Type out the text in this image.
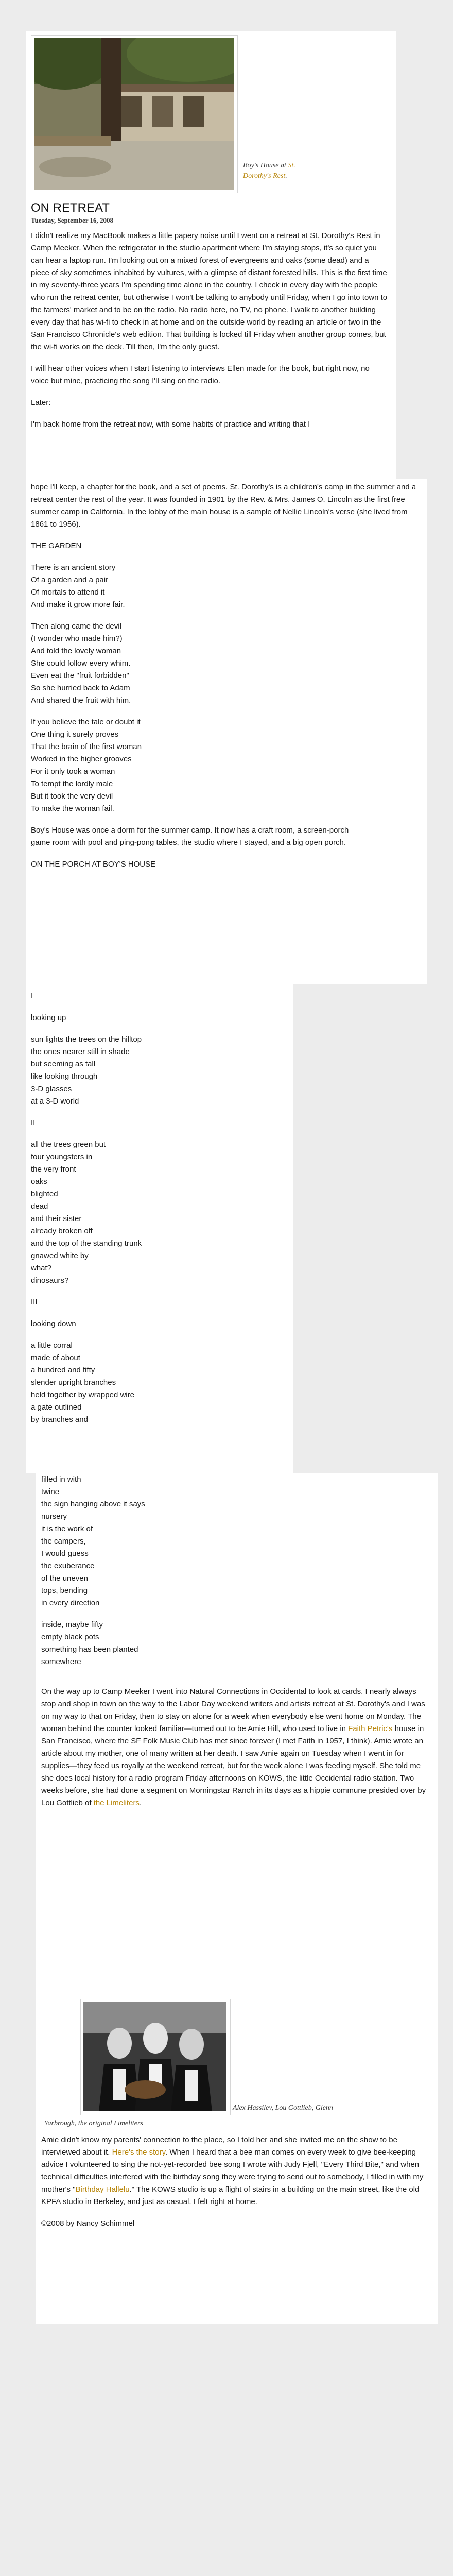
Boy's House at St. Dorothy's Rest.
ON RETREAT
Tuesday, September 16, 2008

I didn't realize my MacBook makes a little papery noise until I went on a retreat at St. Dorothy's Rest in Camp Meeker. When the refrigerator in the studio apartment where I'm staying stops, it's so quiet you can hear a laptop run. I'm looking out on a mixed forest of evergreens and oaks (some dead) and a piece of sky sometimes inhabited by vultures, with a glimpse of distant forested hills. This is the first time in my seventy-three years I'm spending time alone in the country. I check in every day with the people who run the retreat center, but otherwise I won't be talking to anybody until Friday, when I go into town to the farmers' market and to be on the radio. No radio here, no TV, no phone. I walk to another building every day that has wi-fi to check in at home and on the outside world by reading an article or two in the San Francisco Chronicle's web edition. That building is locked till Friday when another group comes, but the wi-fi works on the deck. Till then, I'm the only guest.

I will hear other voices when I start listening to interviews Ellen made for the book, but right now, no voice but mine, practicing the song I'll sing on the radio.

Later:

I'm back home from the retreat now, with some habits of practice and writing that I

hope I'll keep, a chapter for the book, and a set of poems. St. Dorothy's is a children's camp in the summer and a retreat center the rest of the year. It was founded in 1901 by the Rev. & Mrs. James O. Lincoln as the first free summer camp in California. In the lobby of the main house is a sample of Nellie Lincoln's verse (she lived from 1861 to 1956).

THE GARDEN

There is an ancient story
Of a garden and a pair
Of mortals to attend it
And make it grow more fair.
Then along came the devil
(I wonder who made him?)
And told the lovely woman
She could follow every whim.
Even eat the "fruit forbidden"
So she hurried back to Adam
And shared the fruit with him.
If you believe the tale or doubt it
One thing it surely proves
That the brain of the first woman
Worked in the higher grooves
For it only took a woman
To tempt the lordly male
But it took the very devil
To make the woman fail.

Boy's House was once a dorm for the summer camp. It now has a craft room, a screen-porch game room with pool and ping-pong tables, the studio where I stayed, and a big open porch.

ON THE PORCH AT BOY'S HOUSE

I
looking up
sun lights the trees on the hilltop
the ones nearer still in shade
but seeming as tall
like looking through
3-D glasses
at a 3-D world
II
all the trees green but
four youngsters in
the very front
oaks
blighted
dead
and their sister
already broken off
and the top of the standing trunk
gnawed white by
what?
dinosaurs?
III
looking down
a little corral
made of about
a hundred and fifty
slender upright branches
held together by wrapped wire
a gate outlined
by branches and
filled in with
twine
the sign hanging above it says
nursery
it is the work of
the campers,
I would guess
the exuberance
of the uneven
tops, bending
in every direction
inside, maybe fifty
empty black pots
something has been planted
somewhere

On the way up to Camp Meeker I went into Natural Connections in Occidental to look at cards. I nearly always stop and shop in town on the way to the Labor Day weekend writers and artists retreat at St. Dorothy's and I was on my way to that on Friday, then to stay on alone for a week when everybody else went home on Monday. The woman behind the counter looked familiar—turned out to be Amie Hill, who used to live in Faith Petric's house in San Francisco, where the SF Folk Music Club has met since forever (I met Faith in 1957, I think). Amie wrote an article about my mother, one of many written at her death. I saw Amie again on Tuesday when I went in for supplies—they feed us royally at the weekend retreat, but for the week alone I was feeding myself. She told me she does local history for a radio program Friday afternoons on KOWS, the little Occidental radio station. Two weeks before, she had done a segment on Morningstar Ranch in its days as a hippie commune presided over by Lou Gottlieb of the Limeliters.

Alex Hassilev, Lou Gottlieb, Glenn
Yarbrough, the original Limeliters

Amie didn't know my parents' connection to the place, so I told her and she invited me on the show to be interviewed about it. Here's the story. When I heard that a bee man comes on every week to give bee-keeping advice I volunteered to sing the not-yet-recorded bee song I wrote with Judy Fjell, "Every Third Bite," and when technical difficulties interfered with the birthday song they were trying to send out to somebody, I filled in with my mother's "Birthday Hallelu." The KOWS studio is up a flight of stairs in a building on the main street, like the old KPFA studio in Berkeley, and just as casual. I felt right at home.

©2008 by Nancy Schimmel
